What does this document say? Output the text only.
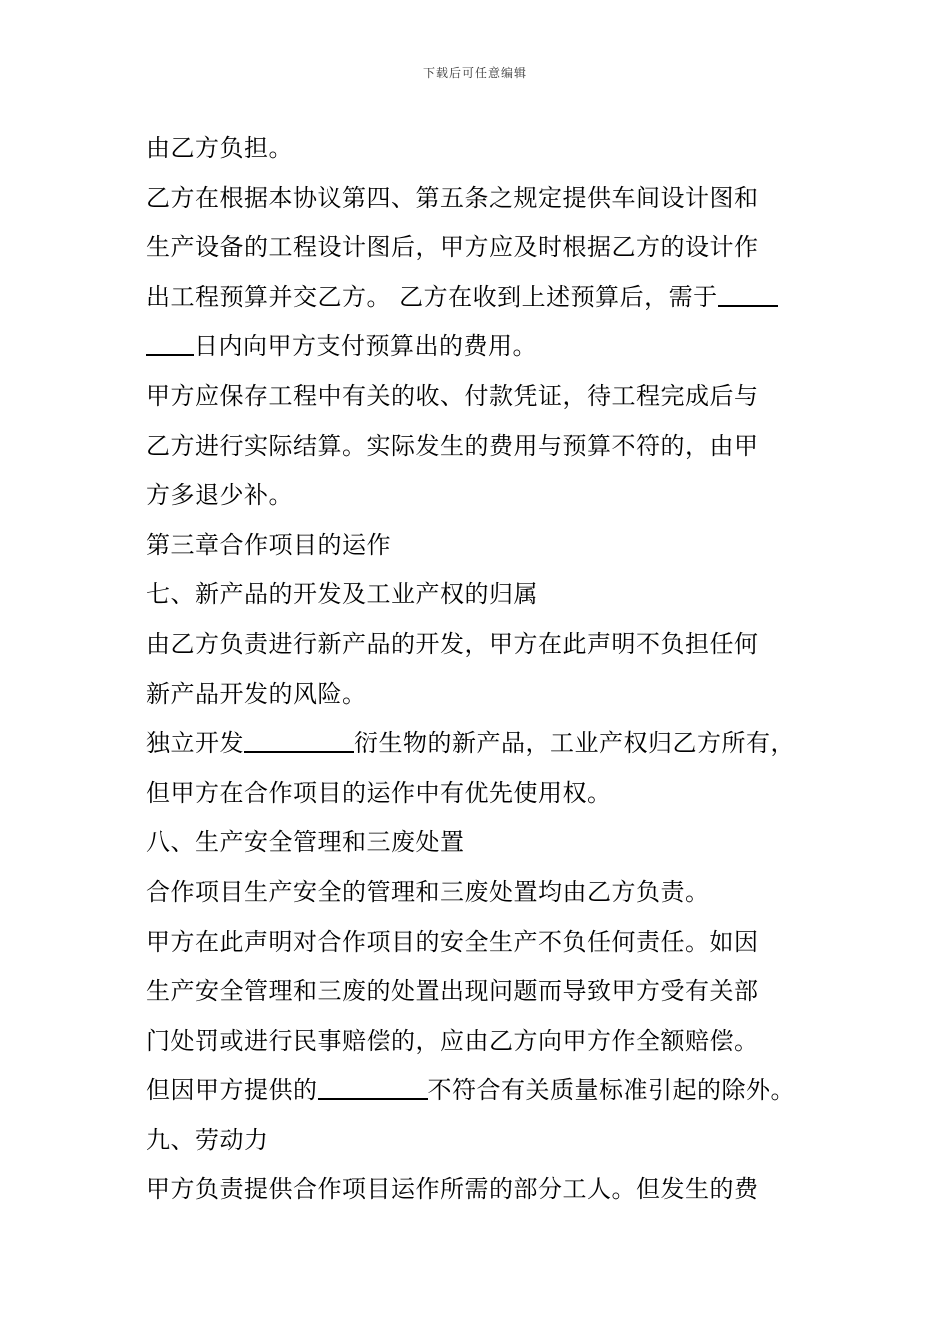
下载后可任意编辑
由乙方负担。
乙方在根据本协议第四、第五条之规定提供车间设计图和
生产设备的工程设计图后，甲方应及时根据乙方的设计作
出工程预算并交乙方。 乙方在收到上述预算后，需于
日内向甲方支付预算出的费用。
甲方应保存工程中有关的收、付款凭证，待工程完成后与
乙方进行实际结算。实际发生的费用与预算不符的，由甲
方多退少补。
第三章合作项目的运作
七、新产品的开发及工业产权的归属
由乙方负责进行新产品的开发，甲方在此声明不负担任何
新产品开发的风险。
独立开发	衍生物的新产品，工业产权归乙方所有，
但甲方在合作项目的运作中有优先使用权。
八、生产安全管理和三废处置
合作项目生产安全的管理和三废处置均由乙方负责。
甲方在此声明对合作项目的安全生产不负任何责任。如因
生产安全管理和三废的处置出现问题而导致甲方受有关部
门处罚或进行民事赔偿的，应由乙方向甲方作全额赔偿。
但因甲方提供的	不符合有关质量标准引起的除外。
九、劳动力
甲方负责提供合作项目运作所需的部分工人。但发生的费
